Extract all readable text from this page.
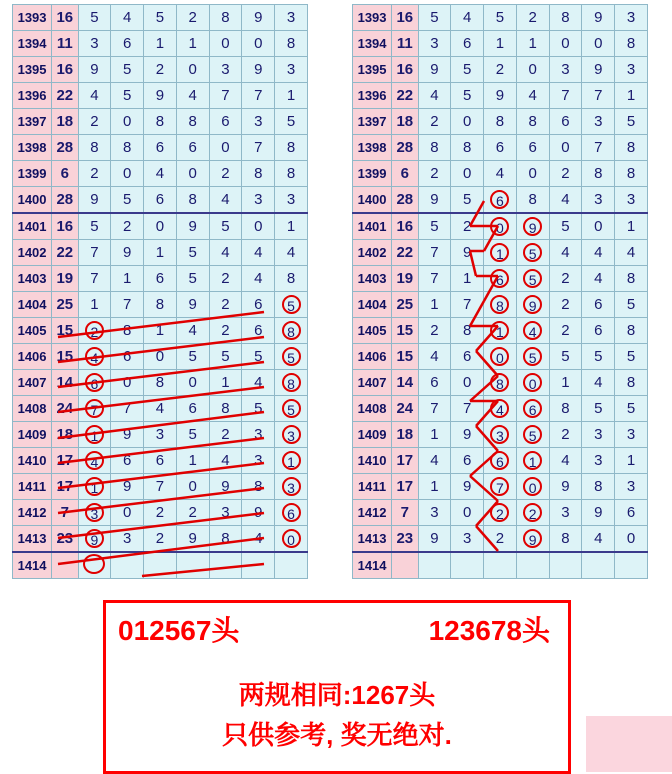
1393	16	5	4	5	2	8	9	3
1394	11	3	6	1	1	0	0	8
1395	16	9	5	2	0	3	9	3
1396	22	4	5	9	4	7	7	1
1397	18	2	0	8	8	6	3	5
1398	28	8	8	6	6	0	7	8
1399	6	2	0	4	0	2	8	8
1400	28	9	5	6	8	4	3	3
1401	16	5	2	0	9	5	0	1
1402	22	7	9	1	5	4	4	4
1403	19	7	1	6	5	2	4	8
1404	25	1	7	8	9	2	6	5
1405	15	2	8	1	4	2	6	8
1406	15	4	6	0	5	5	5	5
1407	14	6	0	8	0	1	4	8
1408	24	7	7	4	6	8	5	5
1409	18	1	9	3	5	2	3	3
1410	17	4	6	6	1	4	3	1
1411	17	1	9	7	0	9	8	3
1412	7	3	0	2	2	3	9	6
1413	23	9	3	2	9	8	4	0
1414								
1393	16	5	4	5	2	8	9	3
1394	11	3	6	1	1	0	0	8
1395	16	9	5	2	0	3	9	3
1396	22	4	5	9	4	7	7	1
1397	18	2	0	8	8	6	3	5
1398	28	8	8	6	6	0	7	8
1399	6	2	0	4	0	2	8	8
1400	28	9	5	6	8	4	3	3
1401	16	5	2	0	9	5	0	1
1402	22	7	9	1	5	4	4	4
1403	19	7	1	6	5	2	4	8
1404	25	1	7	8	9	2	6	5
1405	15	2	8	1	4	2	6	8
1406	15	4	6	0	5	5	5	5
1407	14	6	0	8	0	1	4	8
1408	24	7	7	4	6	8	5	5
1409	18	1	9	3	5	2	3	3
1410	17	4	6	6	1	4	3	1
1411	17	1	9	7	0	9	8	3
1412	7	3	0	2	2	3	9	6
1413	23	9	3	2	9	8	4	0
1414								
012567头	123678头
两规相同:1267头
只供参考, 奖无绝对.
